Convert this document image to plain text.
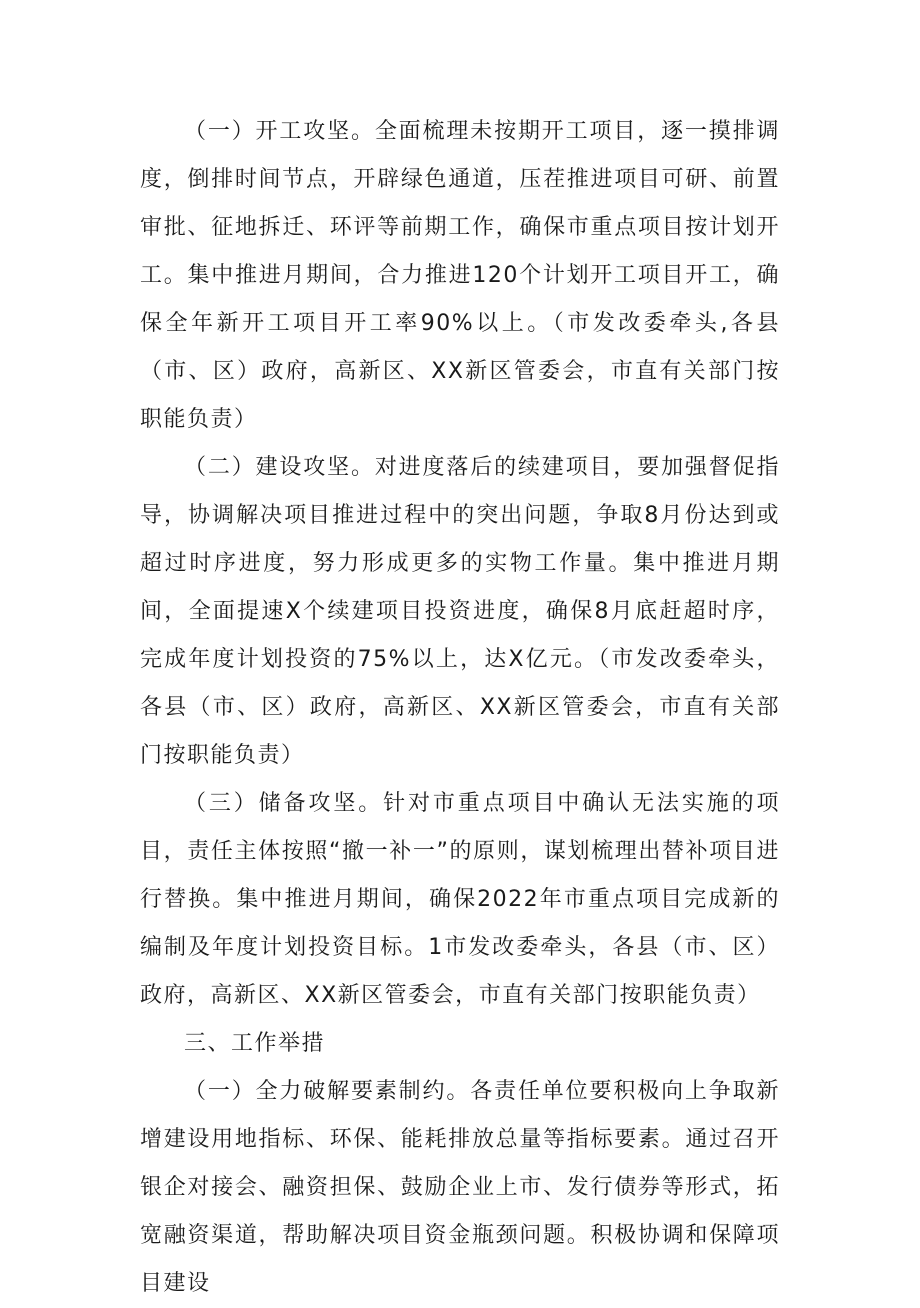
（一）开工攻坚。全面梳理未按期开工项目，逐一摸排调度，倒排时间节点，开辟绿色通道，压茬推进项目可研、前置审批、征地拆迁、环评等前期工作，确保市重点项目按计划开工。集中推进月期间，合力推进120个计划开工项目开工，确保全年新开工项目开工率90%以上。（市发改委牵头,各县（市、区）政府，高新区、XX新区管委会，市直有关部门按职能负责）

（二）建设攻坚。对进度落后的续建项目，要加强督促指导，协调解决项目推进过程中的突出问题，争取8月份达到或超过时序进度，努力形成更多的实物工作量。集中推进月期间，全面提速X个续建项目投资进度，确保8月底赶超时序，完成年度计划投资的75%以上，达X亿元。（市发改委牵头，各县（市、区）政府，高新区、XX新区管委会，市直有关部门按职能负责）

（三）储备攻坚。针对市重点项目中确认无法实施的项目，责任主体按照“撤一补一”的原则，谋划梳理出替补项目进行替换。集中推进月期间，确保2022年市重点项目完成新的编制及年度计划投资目标。1市发改委牵头，各县（市、区）政府，高新区、XX新区管委会，市直有关部门按职能负责）

三、工作举措

（一）全力破解要素制约。各责任单位要积极向上争取新增建设用地指标、环保、能耗排放总量等指标要素。通过召开银企对接会、融资担保、鼓励企业上市、发行债券等形式，拓宽融资渠道，帮助解决项目资金瓶颈问题。积极协调和保障项目建设
